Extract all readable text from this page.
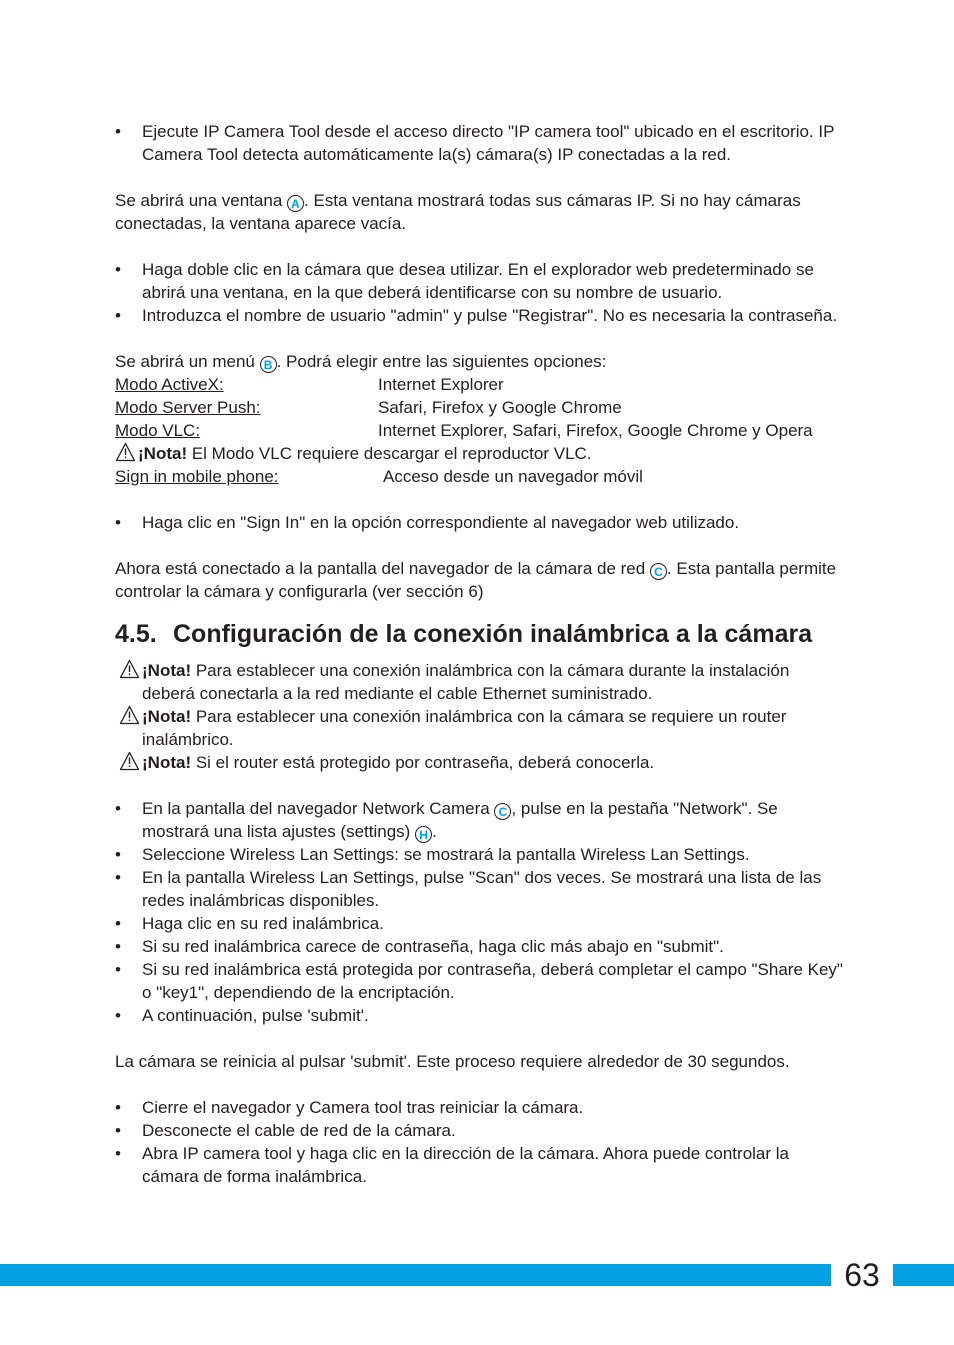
• Ejecute IP Camera Tool desde el acceso directo "IP camera tool" ubicado en el escritorio. IP Camera Tool detecta automáticamente la(s) cámara(s) IP conectadas a la red.

Se abrirá una ventana A . Esta ventana mostrará todas sus cámaras IP. Si no hay cámaras conectadas, la ventana aparece vacía.

• Haga doble clic en la cámara que desea utilizar. En el explorador web predeterminado se abrirá una ventana, en la que deberá identificarse con su nombre de usuario.
• Introduzca el nombre de usuario "admin" y pulse "Registrar". No es necesaria la contraseña.

Se abrirá un menú B . Podrá elegir entre las siguientes opciones:

Modo ActiveX:	Internet Explorer
Modo Server Push:	Safari, Firefox y Google Chrome
Modo VLC:	Internet Explorer, Safari, Firefox, Google Chrome y Opera
¡Nota! El Modo VLC requiere descargar el reproductor VLC.
Sign in mobile phone:	Acceso desde un navegador móvil
• Haga clic en "Sign In" en la opción correspondiente al navegador web utilizado.

Ahora está conectado a la pantalla del navegador de la cámara de red C . Esta pantalla permite controlar la cámara y configurarla (ver sección 6)

4.5. Configuración de la conexión inalámbrica a la cámara
¡Nota! Para establecer una conexión inalámbrica con la cámara durante la instalación deberá conectarla a la red mediante el cable Ethernet suministrado.
¡Nota! Para establecer una conexión inalámbrica con la cámara se requiere un router inalámbrico.
¡Nota! Si el router está protegido por contraseña, deberá conocerla.
• En la pantalla del navegador Network Camera C , pulse en la pestaña "Network". Se mostrará una lista ajustes (settings) H .
• Seleccione Wireless Lan Settings: se mostrará la pantalla Wireless Lan Settings.
• En la pantalla Wireless Lan Settings, pulse "Scan" dos veces. Se mostrará una lista de las redes inalámbricas disponibles.
• Haga clic en su red inalámbrica.
• Si su red inalámbrica carece de contraseña, haga clic más abajo en "submit".
• Si su red inalámbrica está protegida por contraseña, deberá completar el campo "Share Key" o "key1", dependiendo de la encriptación.
• A continuación, pulse 'submit'.

La cámara se reinicia al pulsar 'submit'. Este proceso requiere alrededor de 30 segundos.

• Cierre el navegador y Camera tool tras reiniciar la cámara.
• Desconecte el cable de red de la cámara.
• Abra IP camera tool y haga clic en la dirección de la cámara. Ahora puede controlar la cámara de forma inalámbrica.
63
